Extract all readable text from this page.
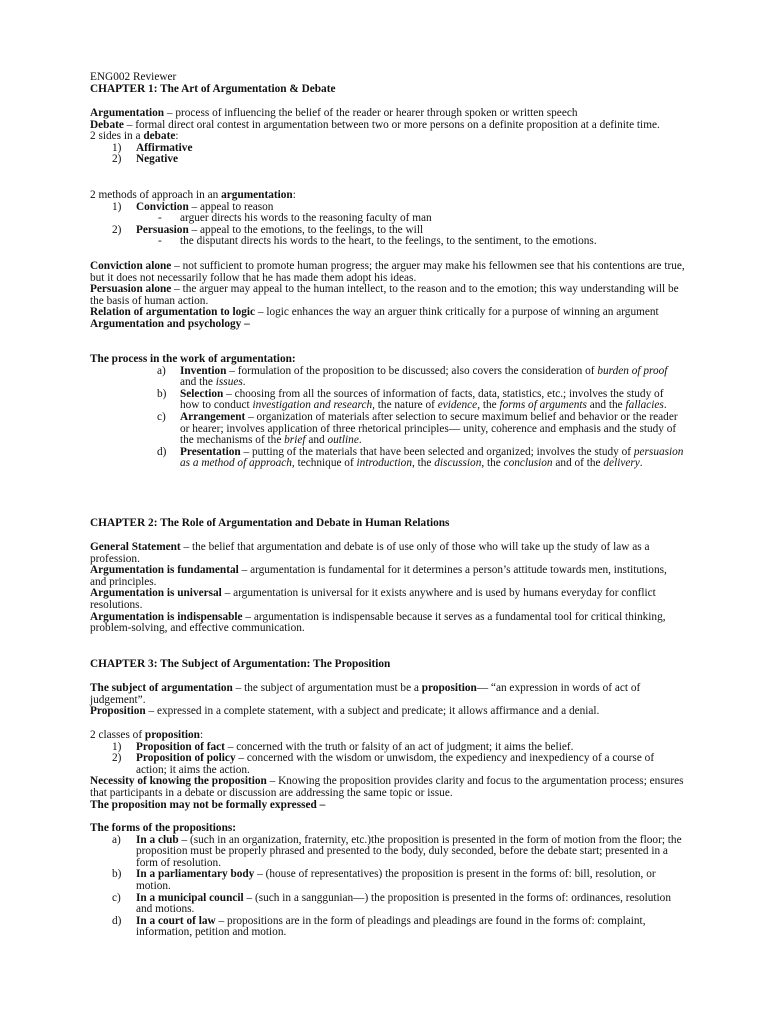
ENG002 Reviewer

CHAPTER 1: The Art of Argumentation & Debate

Argumentation – process of influencing the belief of the reader or hearer through spoken or written speech

Debate – formal direct oral contest in argumentation between two or more persons on a definite proposition at a definite time.

2 sides in a debate:

1)	Affirmative
2)	Negative

2 methods of approach in an argumentation:

1)	Conviction – appeal to reason
-	arguer directs his words to the reasoning faculty of man
2)	Persuasion – appeal to the emotions, to the feelings, to the will
-	the disputant directs his words to the heart, to the feelings, to the sentiment, to the emotions.

Conviction alone – not sufficient to promote human progress; the arguer may make his fellowmen see that his contentions are true, but it does not necessarily follow that he has made them adopt his ideas.

Persuasion alone – the arguer may appeal to the human intellect, to the reason and to the emotion; this way understanding will be the basis of human action.

Relation of argumentation to logic – logic enhances the way an arguer think critically for a purpose of winning an argument

Argumentation and psychology –

The process in the work of argumentation:

a)	Invention – formulation of the proposition to be discussed; also covers the consideration of burden of proof and the issues.
b)	Selection – choosing from all the sources of information of facts, data, statistics, etc.; involves the study of how to conduct investigation and research, the nature of evidence, the forms of arguments and the fallacies.
c)	Arrangement – organization of materials after selection to secure maximum belief and behavior or the reader or hearer; involves application of three rhetorical principles— unity, coherence and emphasis and the study of the mechanisms of the brief and outline.
d)	Presentation – putting of the materials that have been selected and organized; involves the study of persuasion as a method of approach, technique of introduction, the discussion, the conclusion and of the delivery.

CHAPTER 2: The Role of Argumentation and Debate in Human Relations

General Statement – the belief that argumentation and debate is of use only of those who will take up the study of law as a profession.

Argumentation is fundamental – argumentation is fundamental for it determines a person’s attitude towards men, institutions, and principles.

Argumentation is universal – argumentation is universal for it exists anywhere and is used by humans everyday for conflict resolutions.

Argumentation is indispensable – argumentation is indispensable because it serves as a fundamental tool for critical thinking, problem-solving, and effective communication.

CHAPTER 3: The Subject of Argumentation: The Proposition

The subject of argumentation – the subject of argumentation must be a proposition— “an expression in words of act of judgement”.

Proposition – expressed in a complete statement, with a subject and predicate; it allows affirmance and a denial.

2 classes of proposition:

1)	Proposition of fact – concerned with the truth or falsity of an act of judgment; it aims the belief.
2)	Proposition of policy – concerned with the wisdom or unwisdom, the expediency and inexpediency of a course of action; it aims the action.

Necessity of knowing the proposition – Knowing the proposition provides clarity and focus to the argumentation process; ensures that participants in a debate or discussion are addressing the same topic or issue.

The proposition may not be formally expressed –

The forms of the propositions:

a)	In a club – (such in an organization, fraternity, etc.)the proposition is presented in the form of motion from the floor; the proposition must be properly phrased and presented to the body, duly seconded, before the debate start; presented in a form of resolution.
b)	In a parliamentary body – (house of representatives) the proposition is present in the forms of: bill, resolution, or motion.
c)	In a municipal council – (such in a sanggunian—) the proposition is presented in the forms of: ordinances, resolution and motions.
d)	In a court of law – propositions are in the form of pleadings and pleadings are found in the forms of: complaint, information, petition and motion.
